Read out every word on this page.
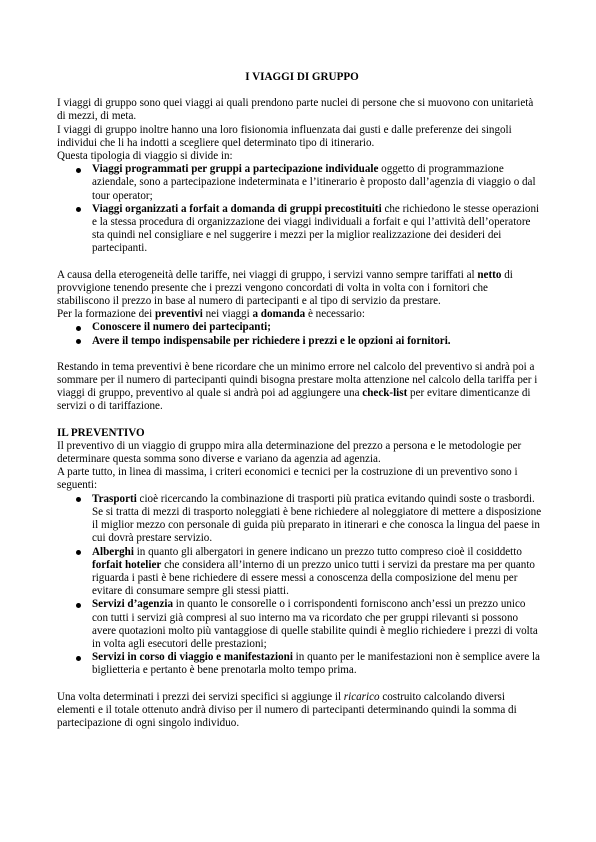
I VIAGGI DI GRUPPO

I viaggi di gruppo sono quei viaggi ai quali prendono parte nuclei di persone che si muovono con unitarietà di mezzi, di meta.

I viaggi di gruppo inoltre hanno una loro fisionomia influenzata dai gusti e dalle preferenze dei singoli individui che li ha indotti a scegliere quel determinato tipo di itinerario.

Questa tipologia di viaggio si divide in:

Viaggi programmati per gruppi a partecipazione individuale oggetto di programmazione aziendale, sono a partecipazione indeterminata e l’itinerario è proposto dall’agenzia di viaggio o dal tour operator;
Viaggi organizzati a forfait a domanda di gruppi precostituiti che richiedono le stesse operazioni e la stessa procedura di organizzazione dei viaggi individuali a forfait e qui l’attività dell’operatore sta quindi nel consigliare e nel suggerire i mezzi per la miglior realizzazione dei desideri dei partecipanti.

A causa della eterogeneità delle tariffe, nei viaggi di gruppo, i servizi vanno sempre tariffati al netto di provvigione tenendo presente che i prezzi vengono concordati di volta in volta con i fornitori che stabiliscono il prezzo in base al numero di partecipanti e al tipo di servizio da prestare.

Per la formazione dei preventivi nei viaggi a domanda è necessario:

Conoscere il numero dei partecipanti;
Avere il tempo indispensabile per richiedere i prezzi e le opzioni ai fornitori.

Restando in tema preventivi è bene ricordare che un minimo errore nel calcolo del preventivo si andrà poi a sommare per il numero di partecipanti quindi bisogna prestare molta attenzione nel calcolo della tariffa per i viaggi di gruppo, preventivo al quale si andrà poi ad aggiungere una check-list per evitare dimenticanze di servizi o di tariffazione.

IL PREVENTIVO

Il preventivo di un viaggio di gruppo mira alla determinazione del prezzo a persona e le metodologie per determinare questa somma sono diverse e variano da agenzia ad agenzia.

A parte tutto, in linea di massima, i criteri economici e tecnici per la costruzione di un preventivo sono i seguenti:

Trasporti cioè ricercando la combinazione di trasporti più pratica evitando quindi soste o trasbordi. Se si tratta di mezzi di trasporto noleggiati è bene richiedere al noleggiatore di mettere a disposizione il miglior mezzo con personale di guida più preparato in itinerari e che conosca la lingua del paese in cui dovrà prestare servizio.
Alberghi in quanto gli albergatori in genere indicano un prezzo tutto compreso cioè il cosiddetto forfait hotelier che considera all’interno di un prezzo unico tutti i servizi da prestare ma per quanto riguarda i pasti è bene richiedere di essere messi a conoscenza della composizione del menu per evitare di consumare sempre gli stessi piatti.
Servizi d’agenzia in quanto le consorelle o i corrispondenti forniscono anch’essi un prezzo unico con tutti i servizi già compresi al suo interno ma va ricordato che per gruppi rilevanti si possono avere quotazioni molto più vantaggiose di quelle stabilite quindi è meglio richiedere i prezzi di volta in volta agli esecutori delle prestazioni;
Servizi in corso di viaggio e manifestazioni in quanto per le manifestazioni non è semplice avere la biglietteria e pertanto è bene prenotarla molto tempo prima.

Una volta determinati i prezzi dei servizi specifici si aggiunge il ricarico costruito calcolando diversi elementi e il totale ottenuto andrà diviso per il numero di partecipanti determinando quindi la somma di partecipazione di ogni singolo individuo.
